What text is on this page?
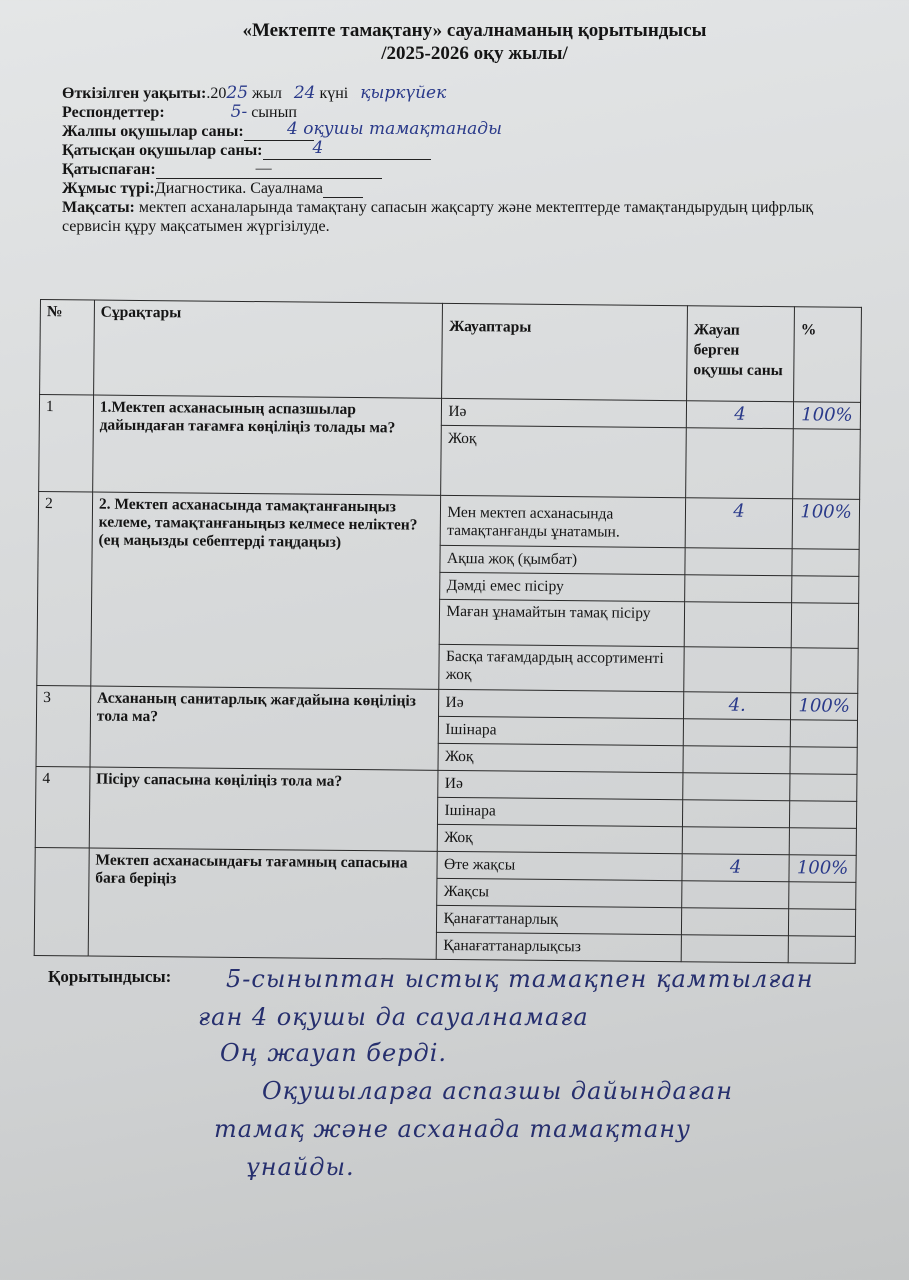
«Мектепте тамақтану» сауалнаманың қорытындысы
/2025-2026 оқу жылы/
Өткізілген уақыты:.2025 жыл 24 күні қыркүйек
Респондеттер:	5- сынып
Жалпы оқушылар саны:	4 оқушы тамақтанады
Қатысқан оқушылар саны:	4
Қатыспаған:	—
Жұмыс түрі:Диагностика. Сауалнама
Мақсаты: мектеп асханаларында тамақтану сапасын жақсарту және мектептерде тамақтандырудың цифрлық сервисін құру мақсатымен жүргізілуде.
№	Сұрақтары	Жауаптары	Жауап берген оқушы саны	%
1	1.Мектеп асханасының аспазшылар дайындаған тағамға көңіліңіз толады ма?	Иә	4	100%
		Жоқ		
2	2. Мектеп асханасында тамақтанғаныңыз келеме, тамақтанғаныңыз келмесе неліктен? (ең маңызды себептерді таңдаңыз)	Мен мектеп асханасында тамақтанғанды ұнатамын.	4	100%
		Ақша жоқ (қымбат)		
		Дәмді емес пісіру		
		Маған ұнамайтын тамақ пісіру		
		Басқа тағамдардың ассортименті жоқ		
3	Асхананың санитарлық жағдайына көңіліңіз тола ма?	Иә	4.	100%
		Ішінара		
		Жоқ		
4	Пісіру сапасына көңіліңіз тола ма?	Иә		
		Ішінара		
		Жоқ		
	Мектеп асханасындағы тағамның сапасына баға беріңіз	Өте жақсы	4	100%
		Жақсы		
		Қанағаттанарлық		
		Қанағаттанарлықсыз		
Қорытындысы: 5-сыныптан ыстық тамақпен қамтылған
ған 4 оқушы да сауалнамаға
Оң жауап берді.
Оқушыларға аспазшы дайындаған
тамақ және асханада тамақтану
ұнайды.
